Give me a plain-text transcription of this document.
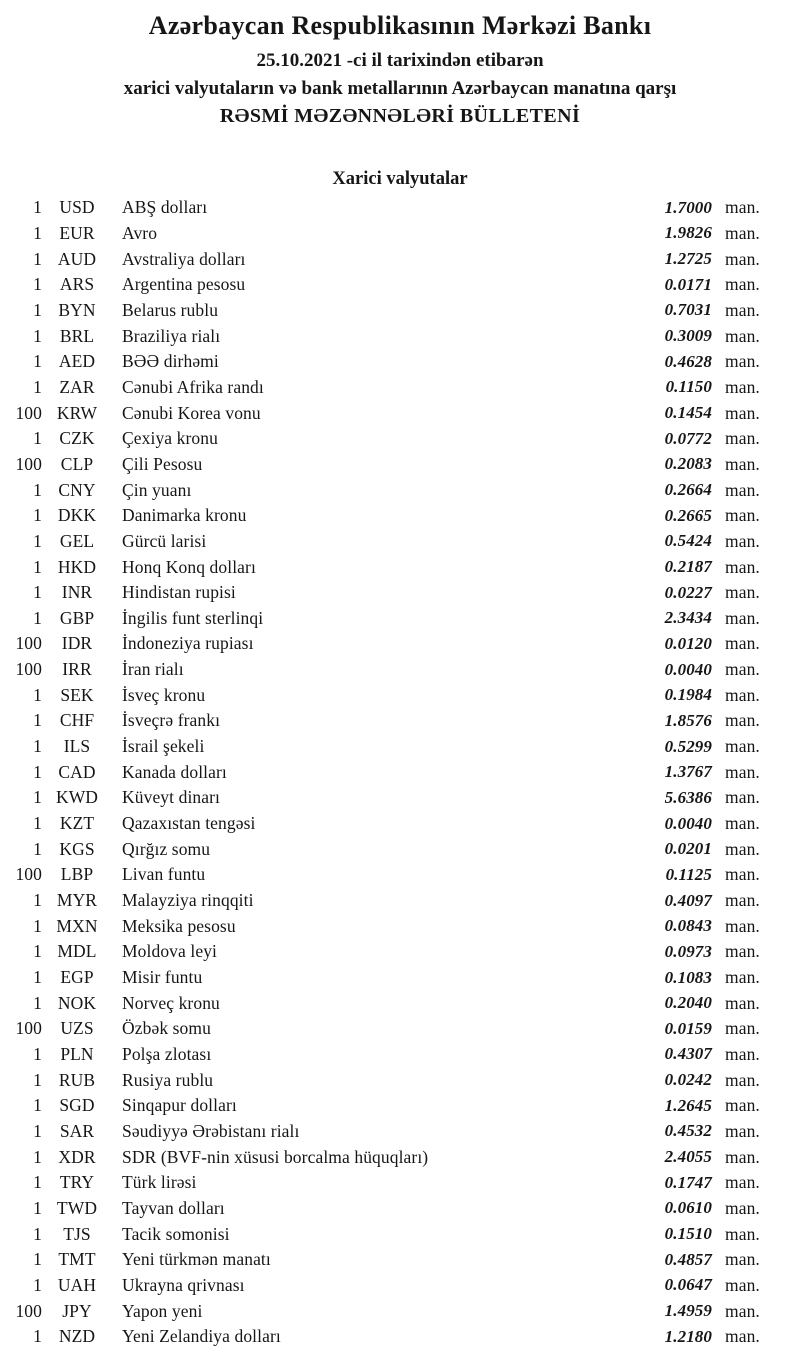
Azərbaycan Respublikasının Mərkəzi Bankı
25.10.2021 -ci il tarixindən etibarən
xarici valyutaların və bank metallarının Azərbaycan manatına qarşı
RƏSMİ MƏZƏNNƏLƏRİ BÜLLETENİ
Xarici valyutalar
1 USD	ABŞ dolları	1.7000 man.
1 EUR	Avro	1.9826 man.
1 AUD	Avstraliya dolları	1.2725 man.
1	ARS	Argentina pesosu	0.0171 man.
1 BYN	Belarus rublu	0.7031 man.
1	BRL	Braziliya rialı	0.3009 man.
1 AED	BƏƏ dirhəmi	0.4628 man.
1 ZAR	Cənubi Afrika randı	0.1150 man.
100 KRW	Cənubi Korea vonu	0.1454 man.
1 CZK	Çexiya kronu	0.0772 man.
100	CLP	Çili Pesosu	0.2083 man.
1 CNY	Çin yuanı	0.2664 man.
1 DKK	Danimarka kronu	0.2665 man.
1	GEL	Gürcü larisi	0.5424 man.
1 HKD	Honq Konq dolları	0.2187 man.
1	INR	Hindistan rupisi	0.0227 man.
1	GBP	İngilis funt sterlinqi	2.3434 man.
100	IDR	İndoneziya rupiası	0.0120 man.
100	IRR	İran rialı	0.0040 man.
1	SEK	İsveç kronu	0.1984 man.
1	CHF	İsveçrə frankı	1.8576 man.
1	ILS	İsrail şekeli	0.5299 man.
1 CAD	Kanada dolları	1.3767 man.
1 KWD	Küveyt dinarı	5.6386 man.
1	KZT	Qazaxıstan tengəsi	0.0040 man.
1 KGS	Qırğız somu	0.0201 man.
100	LBP	Livan funtu	0.1125 man.
1 MYR	Malayziya rinqqiti	0.4097 man.
1 MXN	Meksika pesosu	0.0843 man.
1 MDL	Moldova leyi	0.0973 man.
1	EGP	Misir funtu	0.1083 man.
1 NOK	Norveç kronu	0.2040 man.
100	UZS	Özbək somu	0.0159 man.
1	PLN	Polşa zlotası	0.4307 man.
1 RUB	Rusiya rublu	0.0242 man.
1 SGD	Sinqapur dolları	1.2645 man.
1	SAR	Səudiyyə Ərəbistanı rialı	0.4532 man.
1 XDR	SDR (BVF-nin xüsusi borcalma hüquqları)	2.4055 man.
1	TRY	Türk lirəsi	0.1747 man.
1 TWD	Tayvan dolları	0.0610 man.
1	TJS	Tacik somonisi	0.1510 man.
1 TMT	Yeni türkmən manatı	0.4857 man.
1 UAH	Ukrayna qrivnası	0.0647 man.
100	JPY	Yapon yeni	1.4959 man.
1 NZD	Yeni Zelandiya dolları	1.2180 man.
